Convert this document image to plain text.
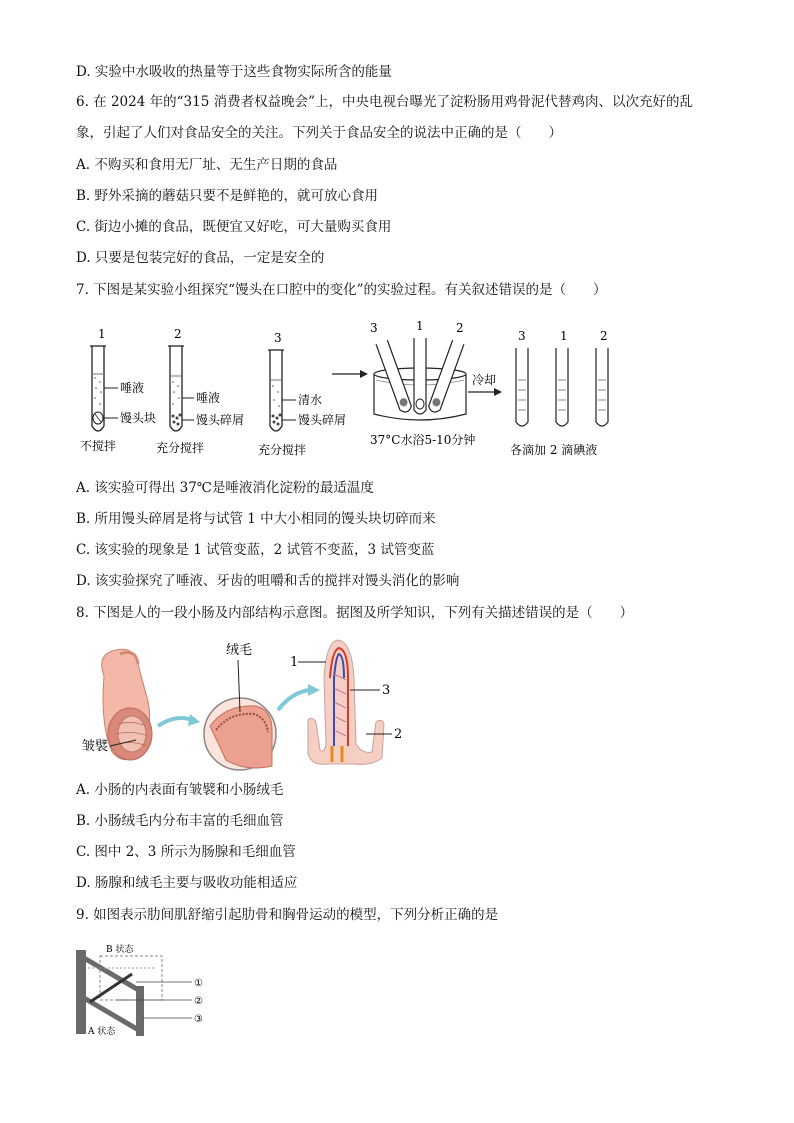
D. 实验中水吸收的热量等于这些食物实际所含的能量
6. 在 2024 年的“315 消费者权益晚会”上，中央电视台曝光了淀粉肠用鸡骨泥代替鸡肉、以次充好的乱
象，引起了人们对食品安全的关注。下列关于食品安全的说法中正确的是（　　）
A. 不购买和食用无厂址、无生产日期的食品
B. 野外采摘的蘑菇只要不是鲜艳的，就可放心食用
C. 街边小摊的食品，既便宜又好吃，可大量购买食用
D. 只要是包装完好的食品，一定是安全的
7. 下图是某实验小组探究“馒头在口腔中的变化”的实验过程。有关叙述错误的是（　　）
1
唾液
馒头块
不搅拌
2
唾液
馒头碎屑
充分搅拌
3
清水
馒头碎屑
充分搅拌
3	1	2
37°C水浴5-10分钟
冷却
3	1	2
各滴加 2 滴碘液
A. 该实验可得出 37℃是唾液消化淀粉的最适温度
B. 所用馒头碎屑是将与试管 1 中大小相同的馒头块切碎而来
C. 该实验的现象是 1 试管变蓝，2 试管不变蓝，3 试管变蓝
D. 该实验探究了唾液、牙齿的咀嚼和舌的搅拌对馒头消化的影响
8. 下图是人的一段小肠及内部结构示意图。据图及所学知识，下列有关描述错误的是（　　）
皱襞
绒毛
1
3
2
A. 小肠的内表面有皱襞和小肠绒毛
B. 小肠绒毛内分布丰富的毛细血管
C. 图中 2、3 所示为肠腺和毛细血管
D. 肠腺和绒毛主要与吸收功能相适应
9. 如图表示肋间肌舒缩引起肋骨和胸骨运动的模型，下列分析正确的是
B 状态
①
②
③
A 状态
